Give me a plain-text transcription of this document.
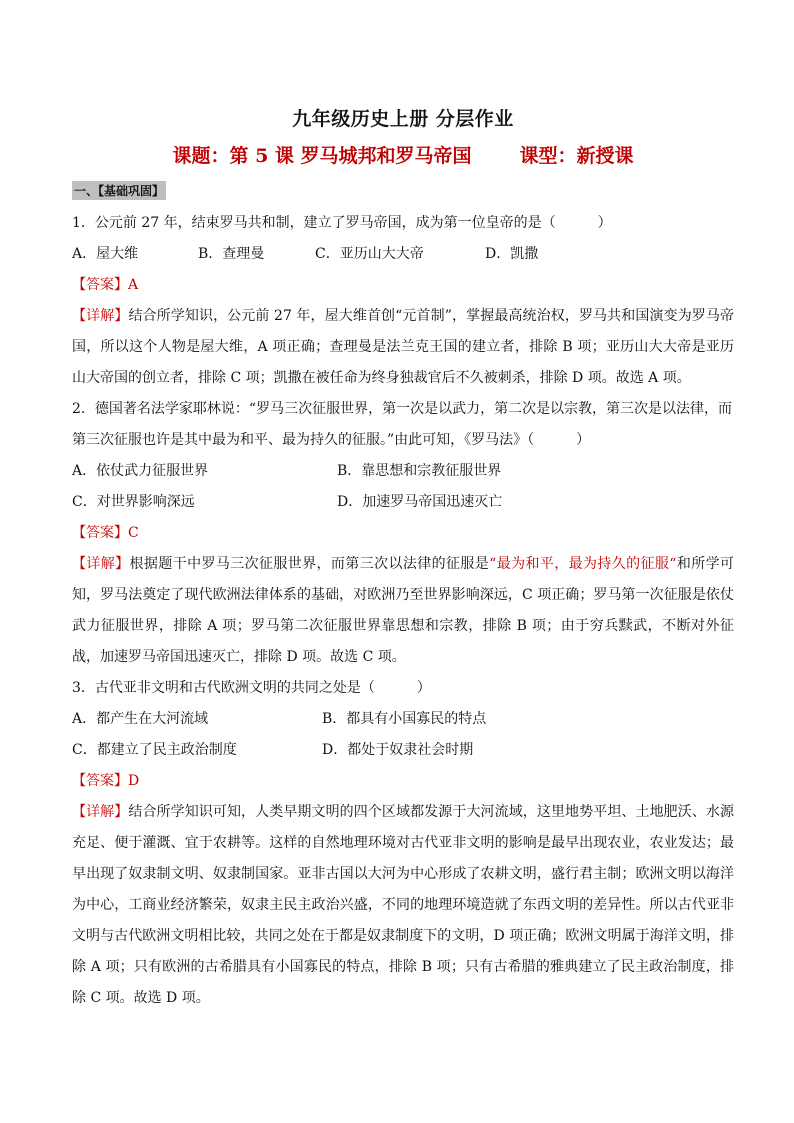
九年级历史上册 分层作业
课题：第 5 课 罗马城邦和罗马帝国	课型：新授课
一、【基础巩固】
1．公元前 27 年，结束罗马共和制，建立了罗马帝国，成为第一位皇帝的是（　　　）
A．屋大维	B．查理曼	C．亚历山大大帝	D．凯撒
【答案】A
【详解】结合所学知识，公元前 27 年，屋大维首创“元首制”，掌握最高统治权，罗马共和国演变为罗马帝国，所以这个人物是屋大维，A 项正确；查理曼是法兰克王国的建立者，排除 B 项；亚历山大大帝是亚历山大帝国的创立者，排除 C 项；凯撒在被任命为终身独裁官后不久被刺杀，排除 D 项。故选 A 项。
2．德国著名法学家耶林说：“罗马三次征服世界，第一次是以武力，第二次是以宗教，第三次是以法律，而第三次征服也许是其中最为和平、最为持久的征服。”由此可知，《罗马法》（　　　）
A．依仗武力征服世界	B．靠思想和宗教征服世界
C．对世界影响深远	D．加速罗马帝国迅速灭亡
【答案】C
【详解】根据题干中罗马三次征服世界，而第三次以法律的征服是“最为和平，最为持久的征服“和所学可知，罗马法奠定了现代欧洲法律体系的基础，对欧洲乃至世界影响深远，C 项正确；罗马第一次征服是依仗武力征服世界，排除 A 项；罗马第二次征服世界靠思想和宗教，排除 B 项；由于穷兵黩武，不断对外征战，加速罗马帝国迅速灭亡，排除 D 项。故选 C 项。
3．古代亚非文明和古代欧洲文明的共同之处是（　　　）
A．都产生在大河流域	B．都具有小国寡民的特点
C．都建立了民主政治制度	D．都处于奴隶社会时期
【答案】D
【详解】结合所学知识可知，人类早期文明的四个区域都发源于大河流域，这里地势平坦、土地肥沃、水源充足、便于灌溉、宜于农耕等。这样的自然地理环境对古代亚非文明的影响是最早出现农业，农业发达；最早出现了奴隶制文明、奴隶制国家。亚非古国以大河为中心形成了农耕文明，盛行君主制；欧洲文明以海洋为中心，工商业经济繁荣，奴隶主民主政治兴盛，不同的地理环境造就了东西文明的差异性。所以古代亚非文明与古代欧洲文明相比较，共同之处在于都是奴隶制度下的文明，D 项正确；欧洲文明属于海洋文明，排除 A 项；只有欧洲的古希腊具有小国寡民的特点，排除 B 项；只有古希腊的雅典建立了民主政治制度，排除 C 项。故选 D 项。
